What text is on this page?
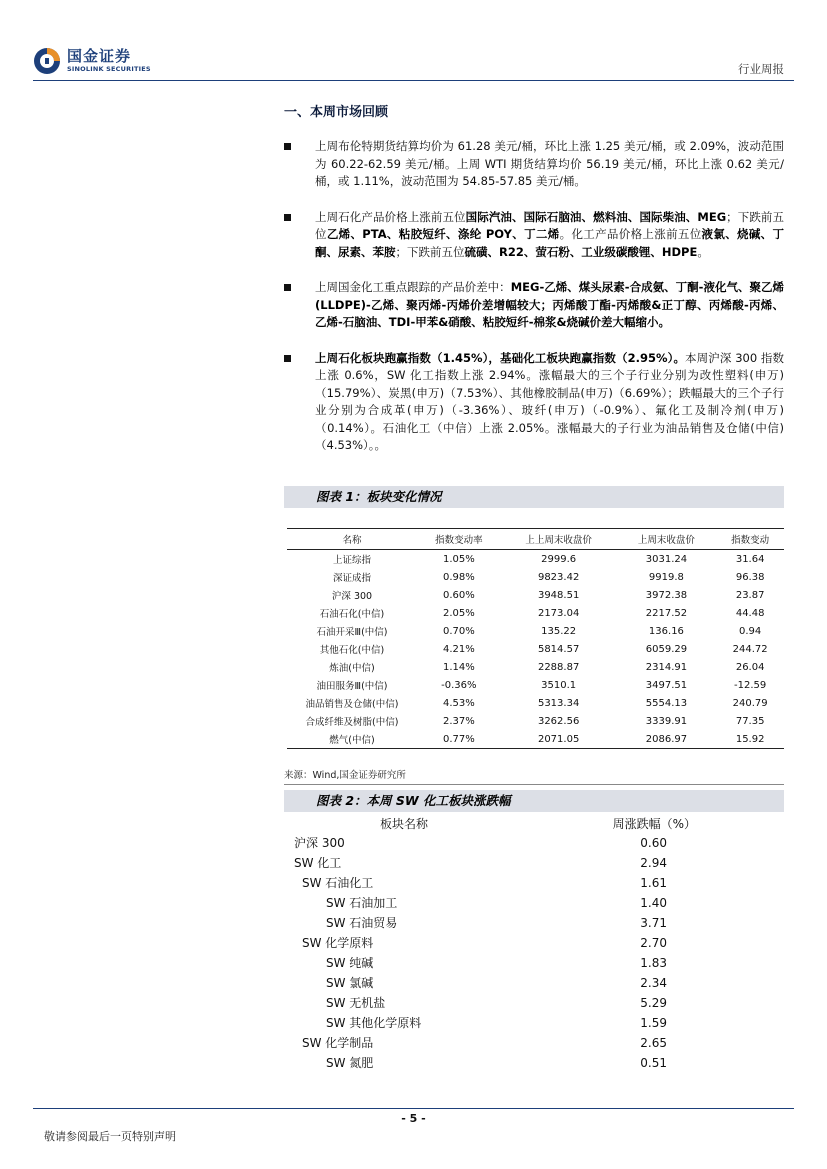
国金证券
SINOLINK SECURITIES	行业周报
一、本周市场回顾
上周布伦特期货结算均价为 61.28 美元/桶，环比上涨 1.25 美元/桶，或 2.09%，波动范围为 60.22-62.59 美元/桶。上周 WTI 期货结算均价 56.19 美元/桶，环比上涨 0.62 美元/桶，或 1.11%，波动范围为 54.85-57.85 美元/桶。
上周石化产品价格上涨前五位国际汽油、国际石脑油、燃料油、国际柴油、MEG；下跌前五位乙烯、PTA、粘胶短纤、涤纶 POY、丁二烯。化工产品价格上涨前五位液氯、烧碱、丁酮、尿素、苯胺；下跌前五位硫磺、R22、萤石粉、工业级碳酸锂、HDPE。
上周国金化工重点跟踪的产品价差中：MEG-乙烯、煤头尿素-合成氨、丁酮-液化气、聚乙烯(LLDPE)-乙烯、聚丙烯-丙烯价差增幅较大；丙烯酸丁酯-丙烯酸&正丁醇、丙烯酸-丙烯、乙烯-石脑油、TDI-甲苯&硝酸、粘胶短纤-棉浆&烧碱价差大幅缩小。
上周石化板块跑赢指数（1.45%），基础化工板块跑赢指数（2.95%）。本周沪深 300 指数上涨 0.6%，SW 化工指数上涨 2.94%。涨幅最大的三个子行业分别为改性塑料(申万)（15.79%）、炭黑(申万)（7.53%）、其他橡胶制品(申万)（6.69%）；跌幅最大的三个子行业分别为合成革(申万)（-3.36%）、玻纤(申万)（-0.9%）、氟化工及制冷剂(申万)（0.14%）。石油化工（中信）上涨 2.05%。涨幅最大的子行业为油品销售及仓储(中信)（4.53%）。。
图表 1：板块变化情况
名称	指数变动率	上上周末收盘价	上周末收盘价	指数变动
上证综指	1.05%	2999.6	3031.24	31.64
深证成指	0.98%	9823.42	9919.8	96.38
沪深 300	0.60%	3948.51	3972.38	23.87
石油石化(中信)	2.05%	2173.04	2217.52	44.48
石油开采Ⅲ(中信)	0.70%	135.22	136.16	0.94
其他石化(中信)	4.21%	5814.57	6059.29	244.72
炼油(中信)	1.14%	2288.87	2314.91	26.04
油田服务Ⅲ(中信)	-0.36%	3510.1	3497.51	-12.59
油品销售及仓储(中信)	4.53%	5313.34	5554.13	240.79
合成纤维及树脂(中信)	2.37%	3262.56	3339.91	77.35
燃气(中信)	0.77%	2071.05	2086.97	15.92
来源：Wind,国金证券研究所
图表 2：本周 SW 化工板块涨跌幅
板块名称	周涨跌幅（%）
沪深 300	0.60
SW 化工	2.94
SW 石油化工	1.61
SW 石油加工	1.40
SW 石油贸易	3.71
SW 化学原料	2.70
SW 纯碱	1.83
SW 氯碱	2.34
SW 无机盐	5.29
SW 其他化学原料	1.59
SW 化学制品	2.65
SW 氮肥	0.51
- 5 -
敬请参阅最后一页特别声明
